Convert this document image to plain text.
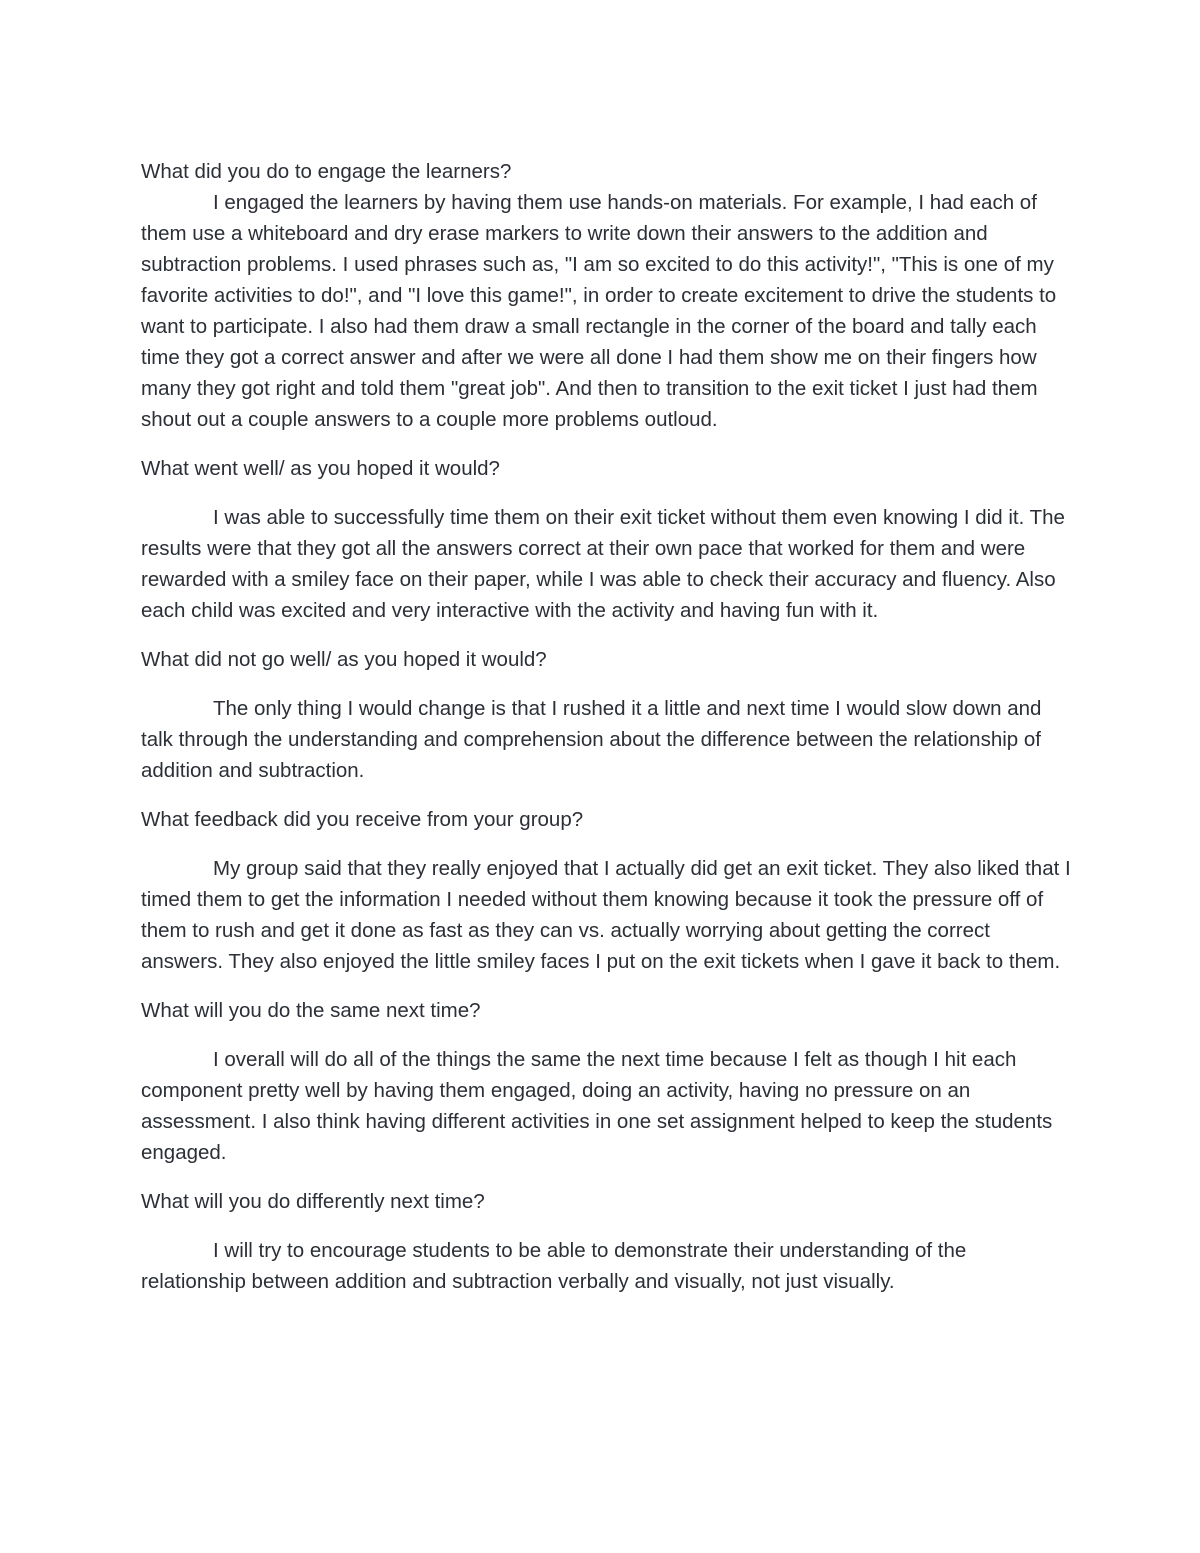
What did you do to engage the learners?

I engaged the learners by having them use hands-on materials. For example, I had each of them use a whiteboard and dry erase markers to write down their answers to the addition and subtraction problems. I used phrases such as, "I am so excited to do this activity!", "This is one of my favorite activities to do!", and "I love this game!", in order to create excitement to drive the students to want to participate. I also had them draw a small rectangle in the corner of the board and tally each time they got a correct answer and after we were all done I had them show me on their fingers how many they got right and told them "great job". And then to transition to the exit ticket I just had them shout out a couple answers to a couple more problems outloud.

What went well/ as you hoped it would?

I was able to successfully time them on their exit ticket without them even knowing I did it. The results were that they got all the answers correct at their own pace that worked for them and were rewarded with a smiley face on their paper, while I was able to check their accuracy and fluency. Also each child was excited and very interactive with the activity and having fun with it.

What did not go well/ as you hoped it would?

The only thing I would change is that I rushed it a little and next time I would slow down and talk through the understanding and comprehension about the difference between the relationship of addition and subtraction.

What feedback did you receive from your group?

My group said that they really enjoyed that I actually did get an exit ticket. They also liked that I timed them to get the information I needed without them knowing because it took the pressure off of them to rush and get it done as fast as they can vs. actually worrying about getting the correct answers. They also enjoyed the little smiley faces I put on the exit tickets when I gave it back to them.

What will you do the same next time?

I overall will do all of the things the same the next time because I felt as though I hit each component pretty well by having them engaged, doing an activity, having no pressure on an assessment. I also think having different activities in one set assignment helped to keep the students engaged.

What will you do differently next time?

I will try to encourage students to be able to demonstrate their understanding of the relationship between addition and subtraction verbally and visually, not just visually.
